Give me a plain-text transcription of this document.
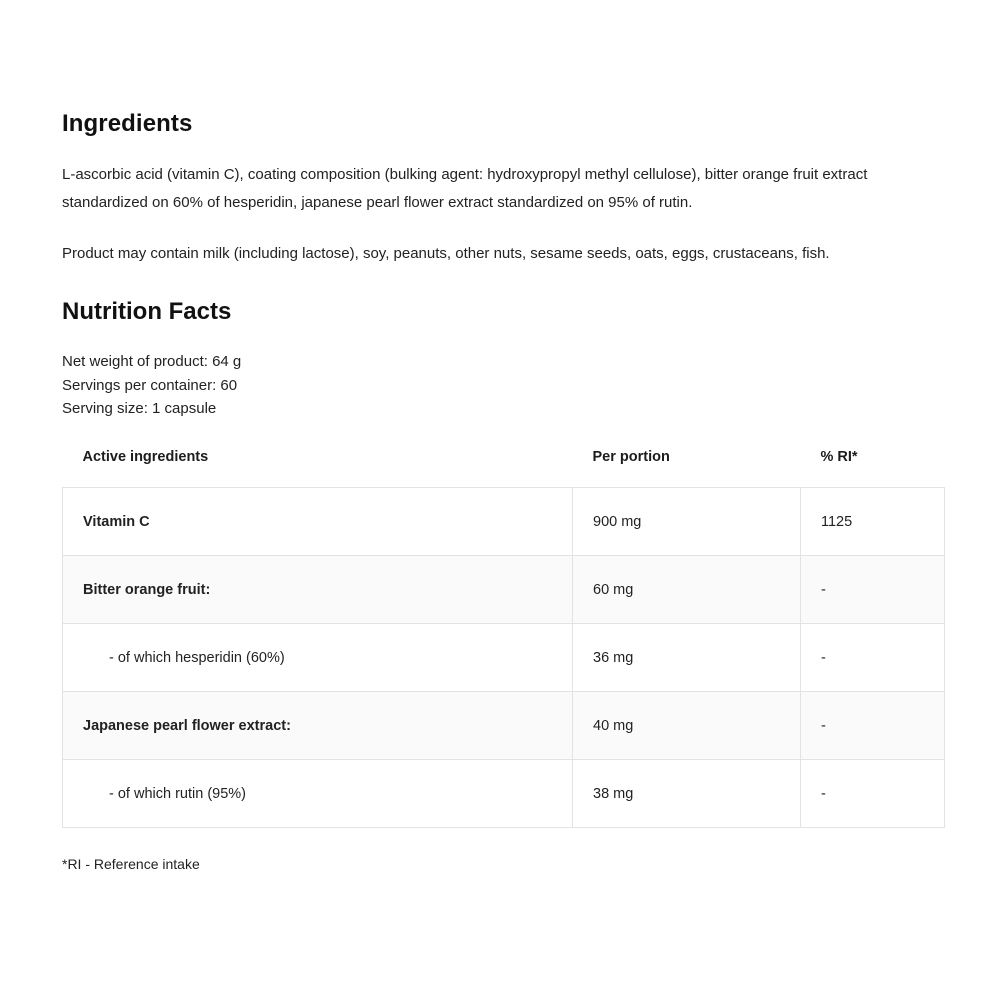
Ingredients

L-ascorbic acid (vitamin C), coating composition (bulking agent: hydroxypropyl methyl cellulose), bitter orange fruit extract standardized on 60% of hesperidin, japanese pearl flower extract standardized on 95% of rutin.

Product may contain milk (including lactose), soy, peanuts, other nuts, sesame seeds, oats, eggs, crustaceans, fish.

Nutrition Facts
Net weight of product: 64 g
Servings per container: 60
Serving size: 1 capsule
Active ingredients	Per portion	% RI*
Vitamin C	900 mg	1125
Bitter orange fruit:	60 mg	-
- of which hesperidin (60%)	36 mg	-
Japanese pearl flower extract:	40 mg	-
- of which rutin (95%)	38 mg	-
*RI - Reference intake
